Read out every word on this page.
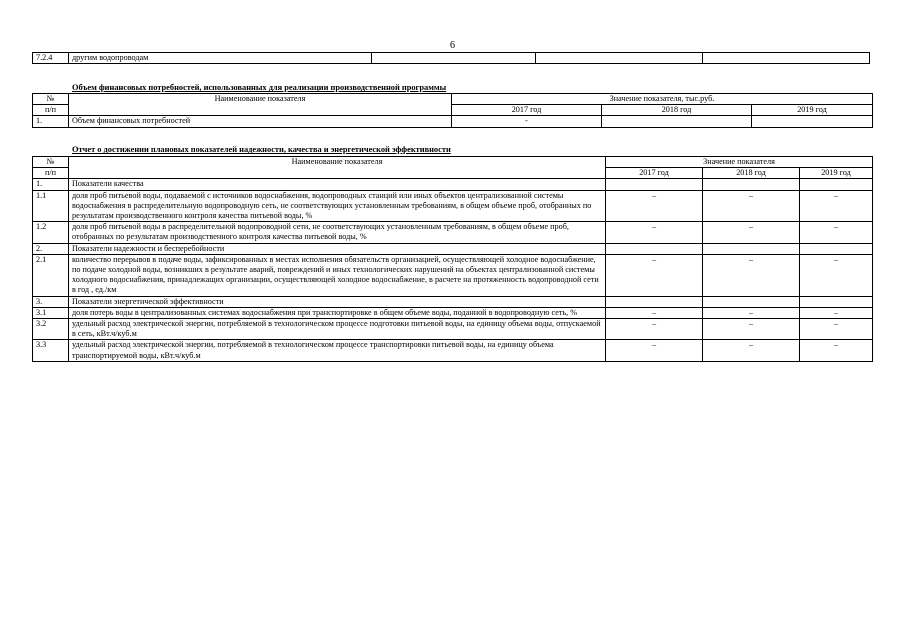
6
7.2.4	другим водопроводам			
Объем финансовых потребностей, использованных для реализации производственной программы
№	Наименование показателя	Значение показателя, тыс.руб.		
п/п		2017 год	2018 год	2019 год
1.	Объем финансовых потребностей	-		
Отчет о достижении плановых показателей надежности, качества и энергетической эффективности
№	Наименование показателя	Значение показателя		
п/п		2017 год	2018 год	2019 год
1.	Показатели качества			
1.1	доля проб питьевой воды, подаваемой с источников водоснабжения, водопроводных станций или иных объектов централизованной системы водоснабжения в распределительную водопроводную сеть, не соответствующих установленным требованиям, в общем объеме проб, отобранных по результатам производственного контроля качества питьевой воды, %	–	–	–
1.2	доля проб питьевой воды в распределительной водопроводной сети, не соответствующих установленным требованиям, в общем объеме проб, отобранных по результатам производственного контроля качества питьевой воды, %	–	–	–
2.	Показатели надежности и бесперебойности			
2.1	количество перерывов в подаче воды, зафиксированных в местах исполнения обязательств организацией, осуществляющей холодное водоснабжение, по подаче холодной воды, возникших в результате аварий, повреждений и иных технологических нарушений на объектах централизованной системы холодного водоснабжения, принадлежащих организации, осуществляющей холодное водоснабжение, в расчете на протяженность водопроводной сети в год , ед./км	–	–	–
3.	Показатели энергетической эффективности			
3.1	доля потерь воды в централизованных системах водоснабжения при транспортировке в общем объеме воды, поданной в водопроводную сеть, %	–	–	–
3.2	удельный расход электрической энергии, потребляемой в технологическом процессе подготовки питьевой воды, на единицу объема воды, отпускаемой в сеть, кВт.ч/куб.м	–	–	–
3.3	удельный расход электрической энергии, потребляемой в технологическом процессе транспортировки питьевой воды, на единицу объема транспортируемой воды, кВт.ч/куб.м	–	–	–
